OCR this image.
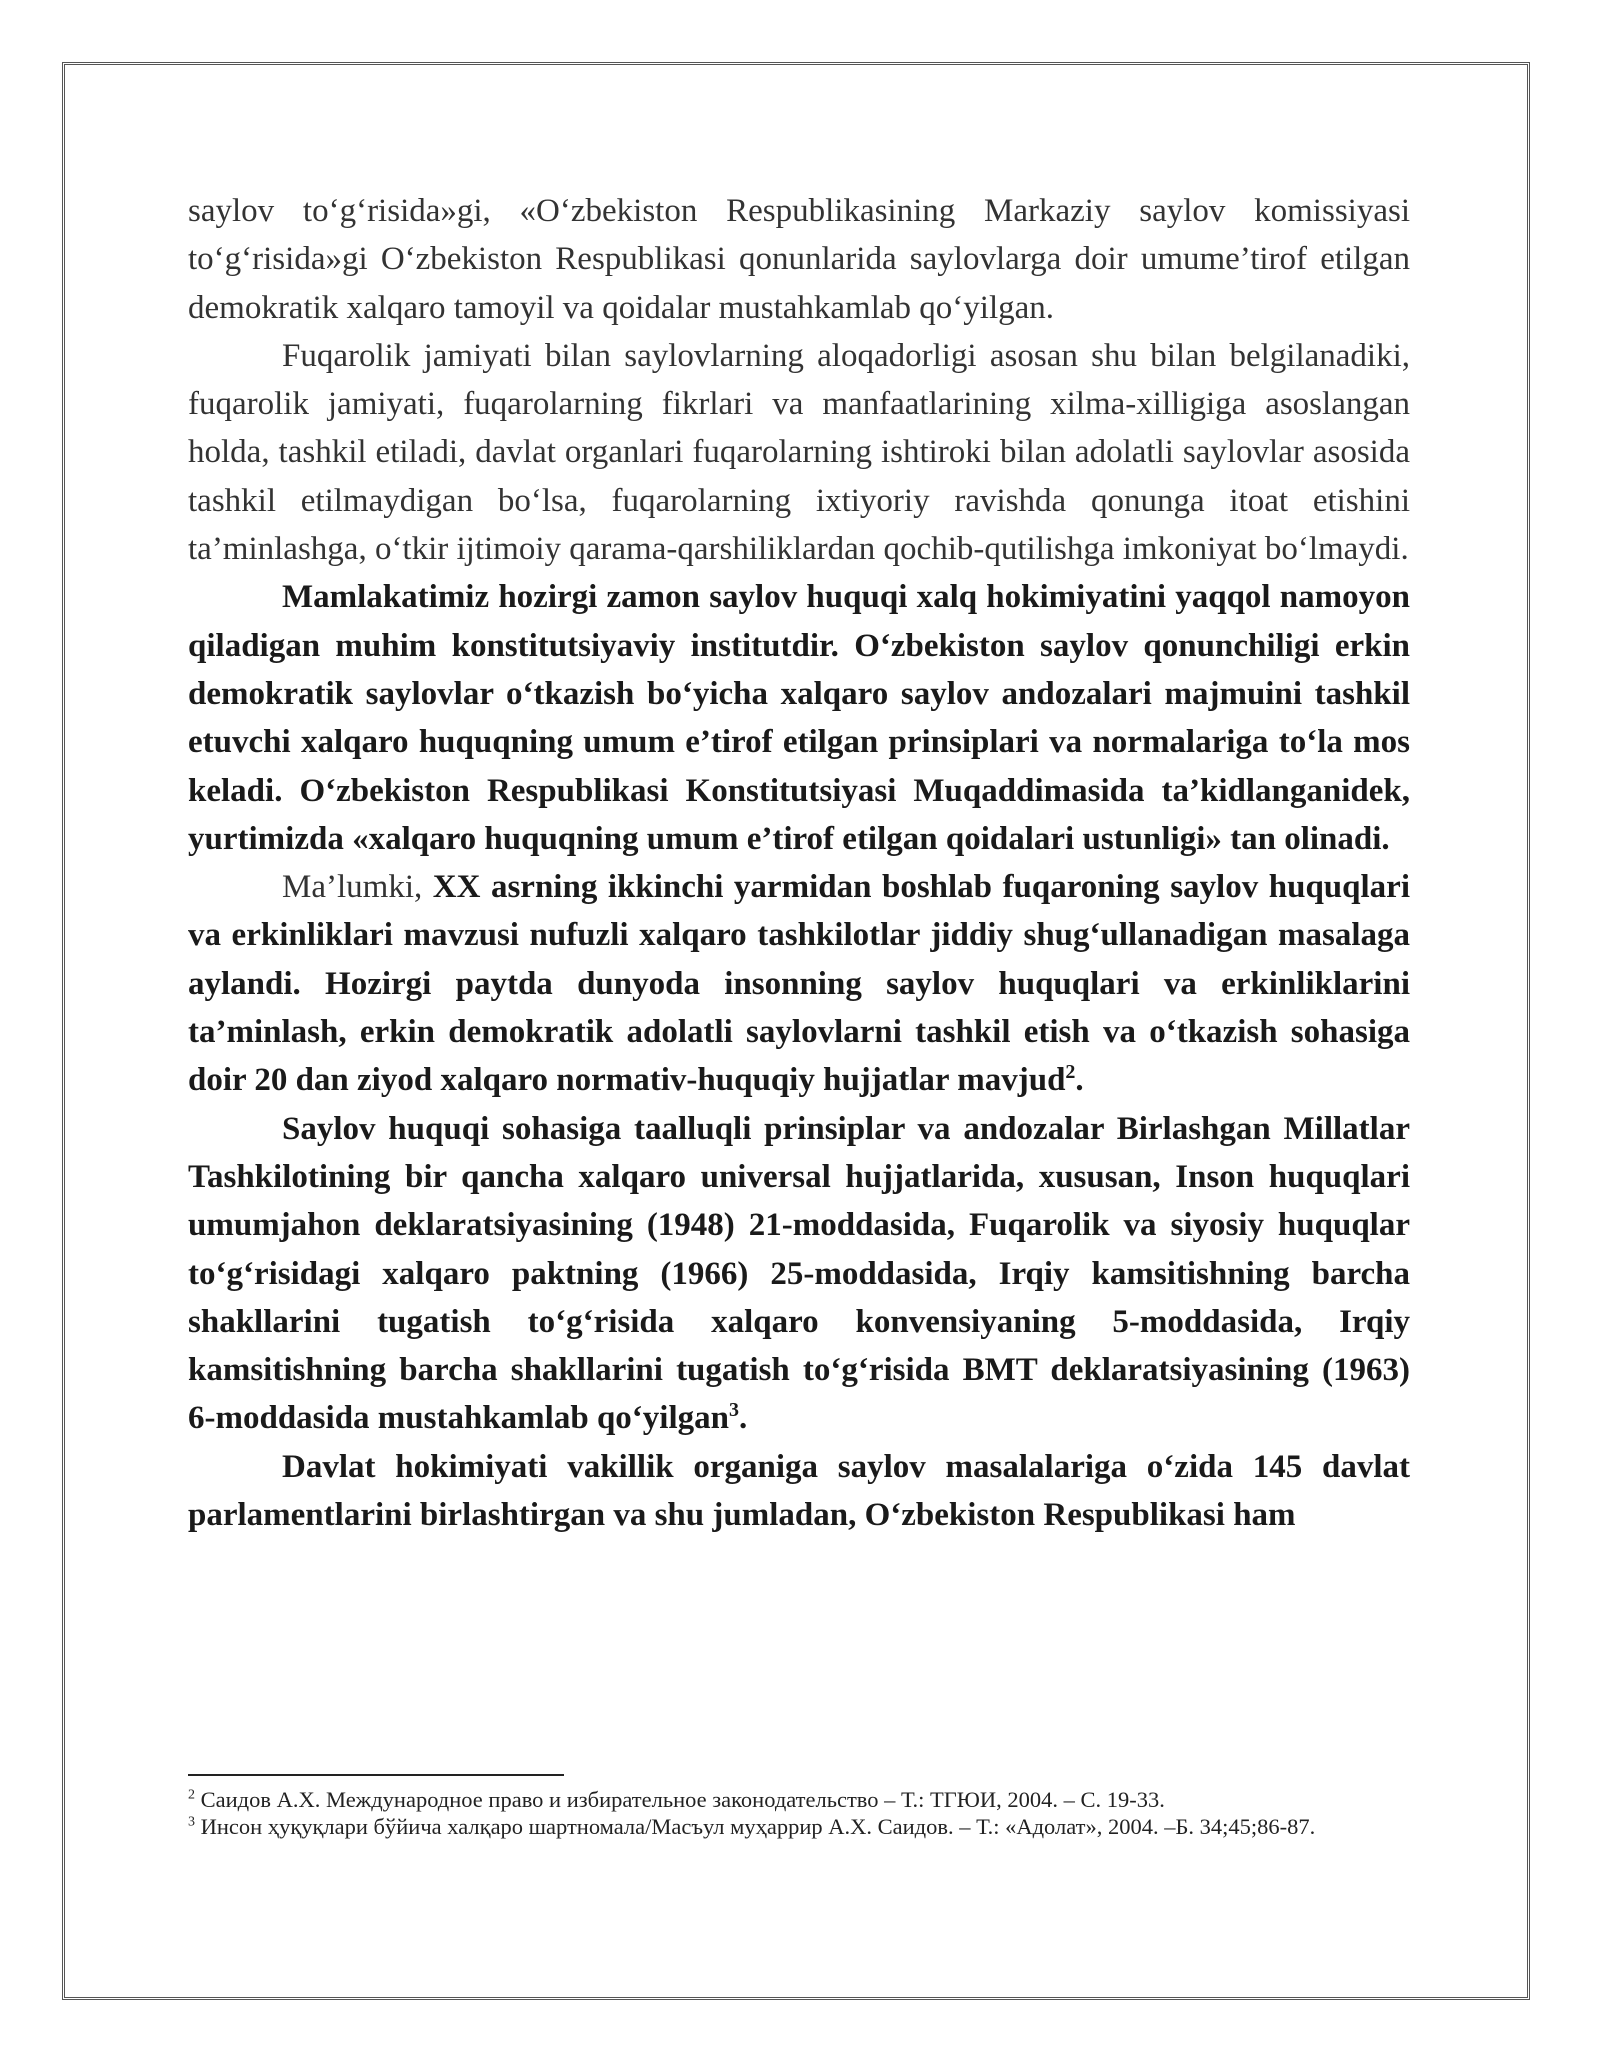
saylov to‘g‘risida»gi, «O‘zbekiston Respublikasining Markaziy saylov komissiyasi to‘g‘risida»gi O‘zbekiston Respublikasi qonunlarida saylovlarga doir umume’tirof etilgan demokratik xalqaro tamoyil va qoidalar mustahkamlab qo‘yilgan.

Fuqarolik jamiyati bilan saylovlarning aloqadorligi asosan shu bilan belgilanadiki, fuqarolik jamiyati, fuqarolarning fikrlari va manfaatlarining xilma-xilligiga asoslangan holda, tashkil etiladi, davlat organlari fuqarolarning ishtiroki bilan adolatli saylovlar asosida tashkil etilmaydigan bo‘lsa, fuqarolarning ixtiyoriy ravishda qonunga itoat etishini ta’minlashga, o‘tkir ijtimoiy qarama-qarshiliklardan qochib-qutilishga imkoniyat bo‘lmaydi.

Mamlakatimiz hozirgi zamon saylov huquqi xalq hokimiyatini yaqqol namoyon qiladigan muhim konstitutsiyaviy institutdir. O‘zbekiston saylov qonunchiligi erkin demokratik saylovlar o‘tkazish bo‘yicha xalqaro saylov andozalari majmuini tashkil etuvchi xalqaro huquqning umum e’tirof etilgan prinsiplari va normalariga to‘la mos keladi. O‘zbekiston Respublikasi Konstitutsiyasi Muqaddimasida ta’kidlanganidek, yurtimizda «xalqaro huquqning umum e’tirof etilgan qoidalari ustunligi» tan olinadi.

Ma’lumki, XX asrning ikkinchi yarmidan boshlab fuqaroning saylov huquqlari va erkinliklari mavzusi nufuzli xalqaro tashkilotlar jiddiy shug‘ullanadigan masalaga aylandi. Hozirgi paytda dunyoda insonning saylov huquqlari va erkinliklarini ta’minlash, erkin demokratik adolatli saylovlarni tashkil etish va o‘tkazish sohasiga doir 20 dan ziyod xalqaro normativ-huquqiy hujjatlar mavjud$^2$.

Saylov huquqi sohasiga taalluqli prinsiplar va andozalar Birlashgan Millatlar Tashkilotining bir qancha xalqaro universal hujjatlarida, xususan, Inson huquqlari umumjahon deklaratsiyasining (1948) 21-moddasida, Fuqarolik va siyosiy huquqlar to‘g‘risidagi xalqaro paktning (1966) 25-moddasida, Irqiy kamsitishning barcha shakllarini tugatish to‘g‘risida xalqaro konvensiyaning 5-moddasida, Irqiy kamsitishning barcha shakllarini tugatish to‘g‘risida BMT deklaratsiyasining (1963) 6-moddasida mustahkamlab qo‘yilgan$^3$.

Davlat hokimiyati vakillik organiga saylov masalalariga o‘zida 145 davlat parlamentlarini birlashtirgan va shu jumladan, O‘zbekiston Respublikasi ham

$^2$ Саидов А.Х. Международное право и избирательное законодательство – Т.: ТГЮИ, 2004. – С. 19-33.

$^3$ Инсон ҳуқуқлари бўйича халқаро шартномала/Масъул муҳаррир А.Х. Саидов. – Т.: «Адолат», 2004. –Б. 34;45;86-87.
